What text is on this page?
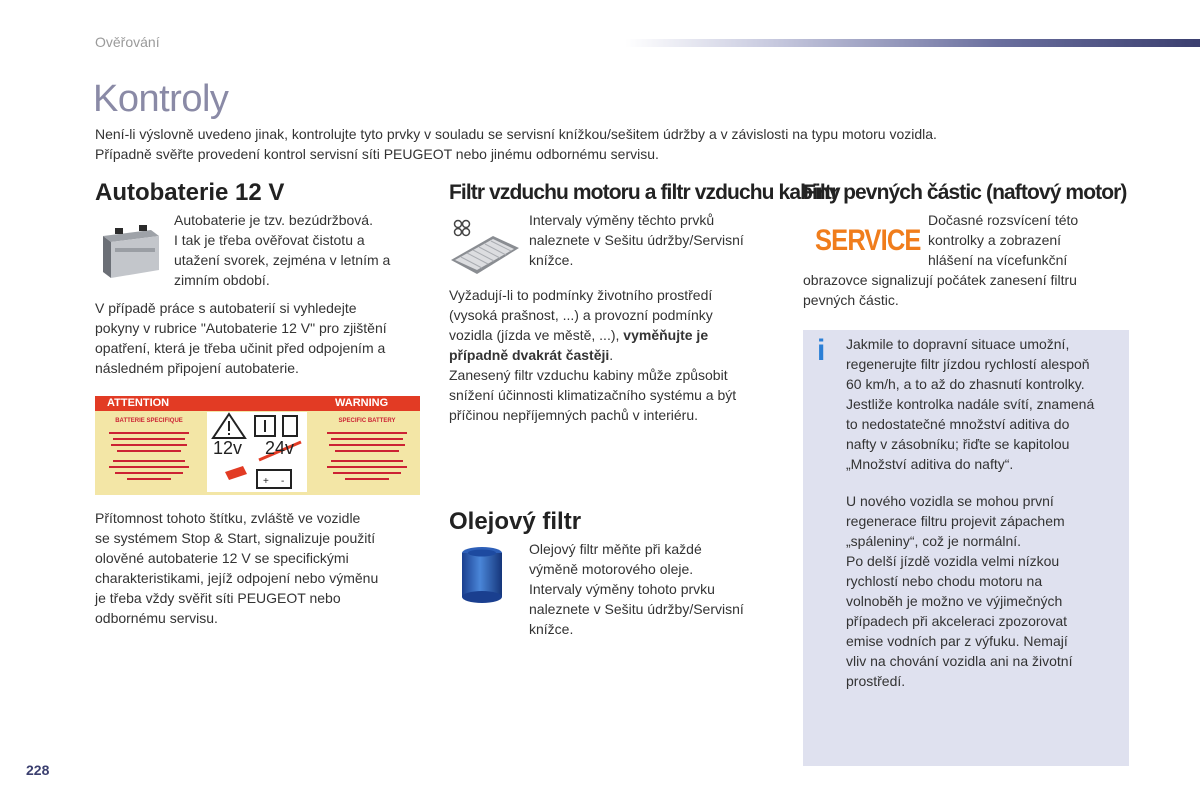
Ověřování
Kontroly
Není-li výslovně uvedeno jinak, kontrolujte tyto prvky v souladu se servisní knížkou/sešitem údržby a v závislosti na typu motoru vozidla.
Případně svěřte provedení kontrol servisní síti PEUGEOT nebo jinému odbornému servisu.
Autobaterie 12 V
Autobaterie je tzv. bezúdržbová.
I tak je třeba ověřovat čistotu a
utažení svorek, zejména v letním a
zimním období.
V případě práce s autobaterií si vyhledejte
pokyny v rubrice "Autobaterie 12 V" pro zjištění
opatření, která je třeba učinit před odpojením a
následném připojení autobaterie.
ATTENTION	WARNING
BATTERIE SPECIFIQUE	SPECIFIC BATTERY
+ -
12v 24v
Přítomnost tohoto štítku, zvláště ve vozidle
se systémem Stop & Start, signalizuje použití
olověné autobaterie 12 V se specifickými
charakteristikami, jejíž odpojení nebo výměnu
je třeba vždy svěřit síti PEUGEOT nebo
odbornému servisu.
Filtr vzduchu motoru a filtr vzduchu kabiny
Intervaly výměny těchto prvků
naleznete v Sešitu údržby/Servisní
knížce.
Vyžadují-li to podmínky životního prostředí
(vysoká prašnost, ...) a provozní podmínky
vozidla (jízda ve městě, ...), vyměňujte je
případně dvakrát častěji.
Zanesený filtr vzduchu kabiny může způsobit
snížení účinnosti klimatizačního systému a být
příčinou nepříjemných pachů v interiéru.
Olejový filtr
Olejový filtr měňte při každé
výměně motorového oleje.
Intervaly výměny tohoto prvku
naleznete v Sešitu údržby/Servisní
knížce.
Filtr pevných částic (naftový motor)
SERVICE
Dočasné rozsvícení této
kontrolky a zobrazení
hlášení na vícefunkční
obrazovce signalizují počátek zanesení filtru
pevných částic.
i Jakmile to dopravní situace umožní,
regenerujte filtr jízdou rychlostí alespoň
60 km/h, a to až do zhasnutí kontrolky.
Jestliže kontrolka nadále svítí, znamená
to nedostatečné množství aditiva do
nafty v zásobníku; řiďte se kapitolou
„Množství aditiva do nafty“.
U nového vozidla se mohou první
regenerace filtru projevit zápachem
„spáleniny“, což je normální.
Po delší jízdě vozidla velmi nízkou
rychlostí nebo chodu motoru na
volnoběh je možno ve výjimečných
případech při akceleraci zpozorovat
emise vodních par z výfuku. Nemají
vliv na chování vozidla ani na životní
prostředí.
228
